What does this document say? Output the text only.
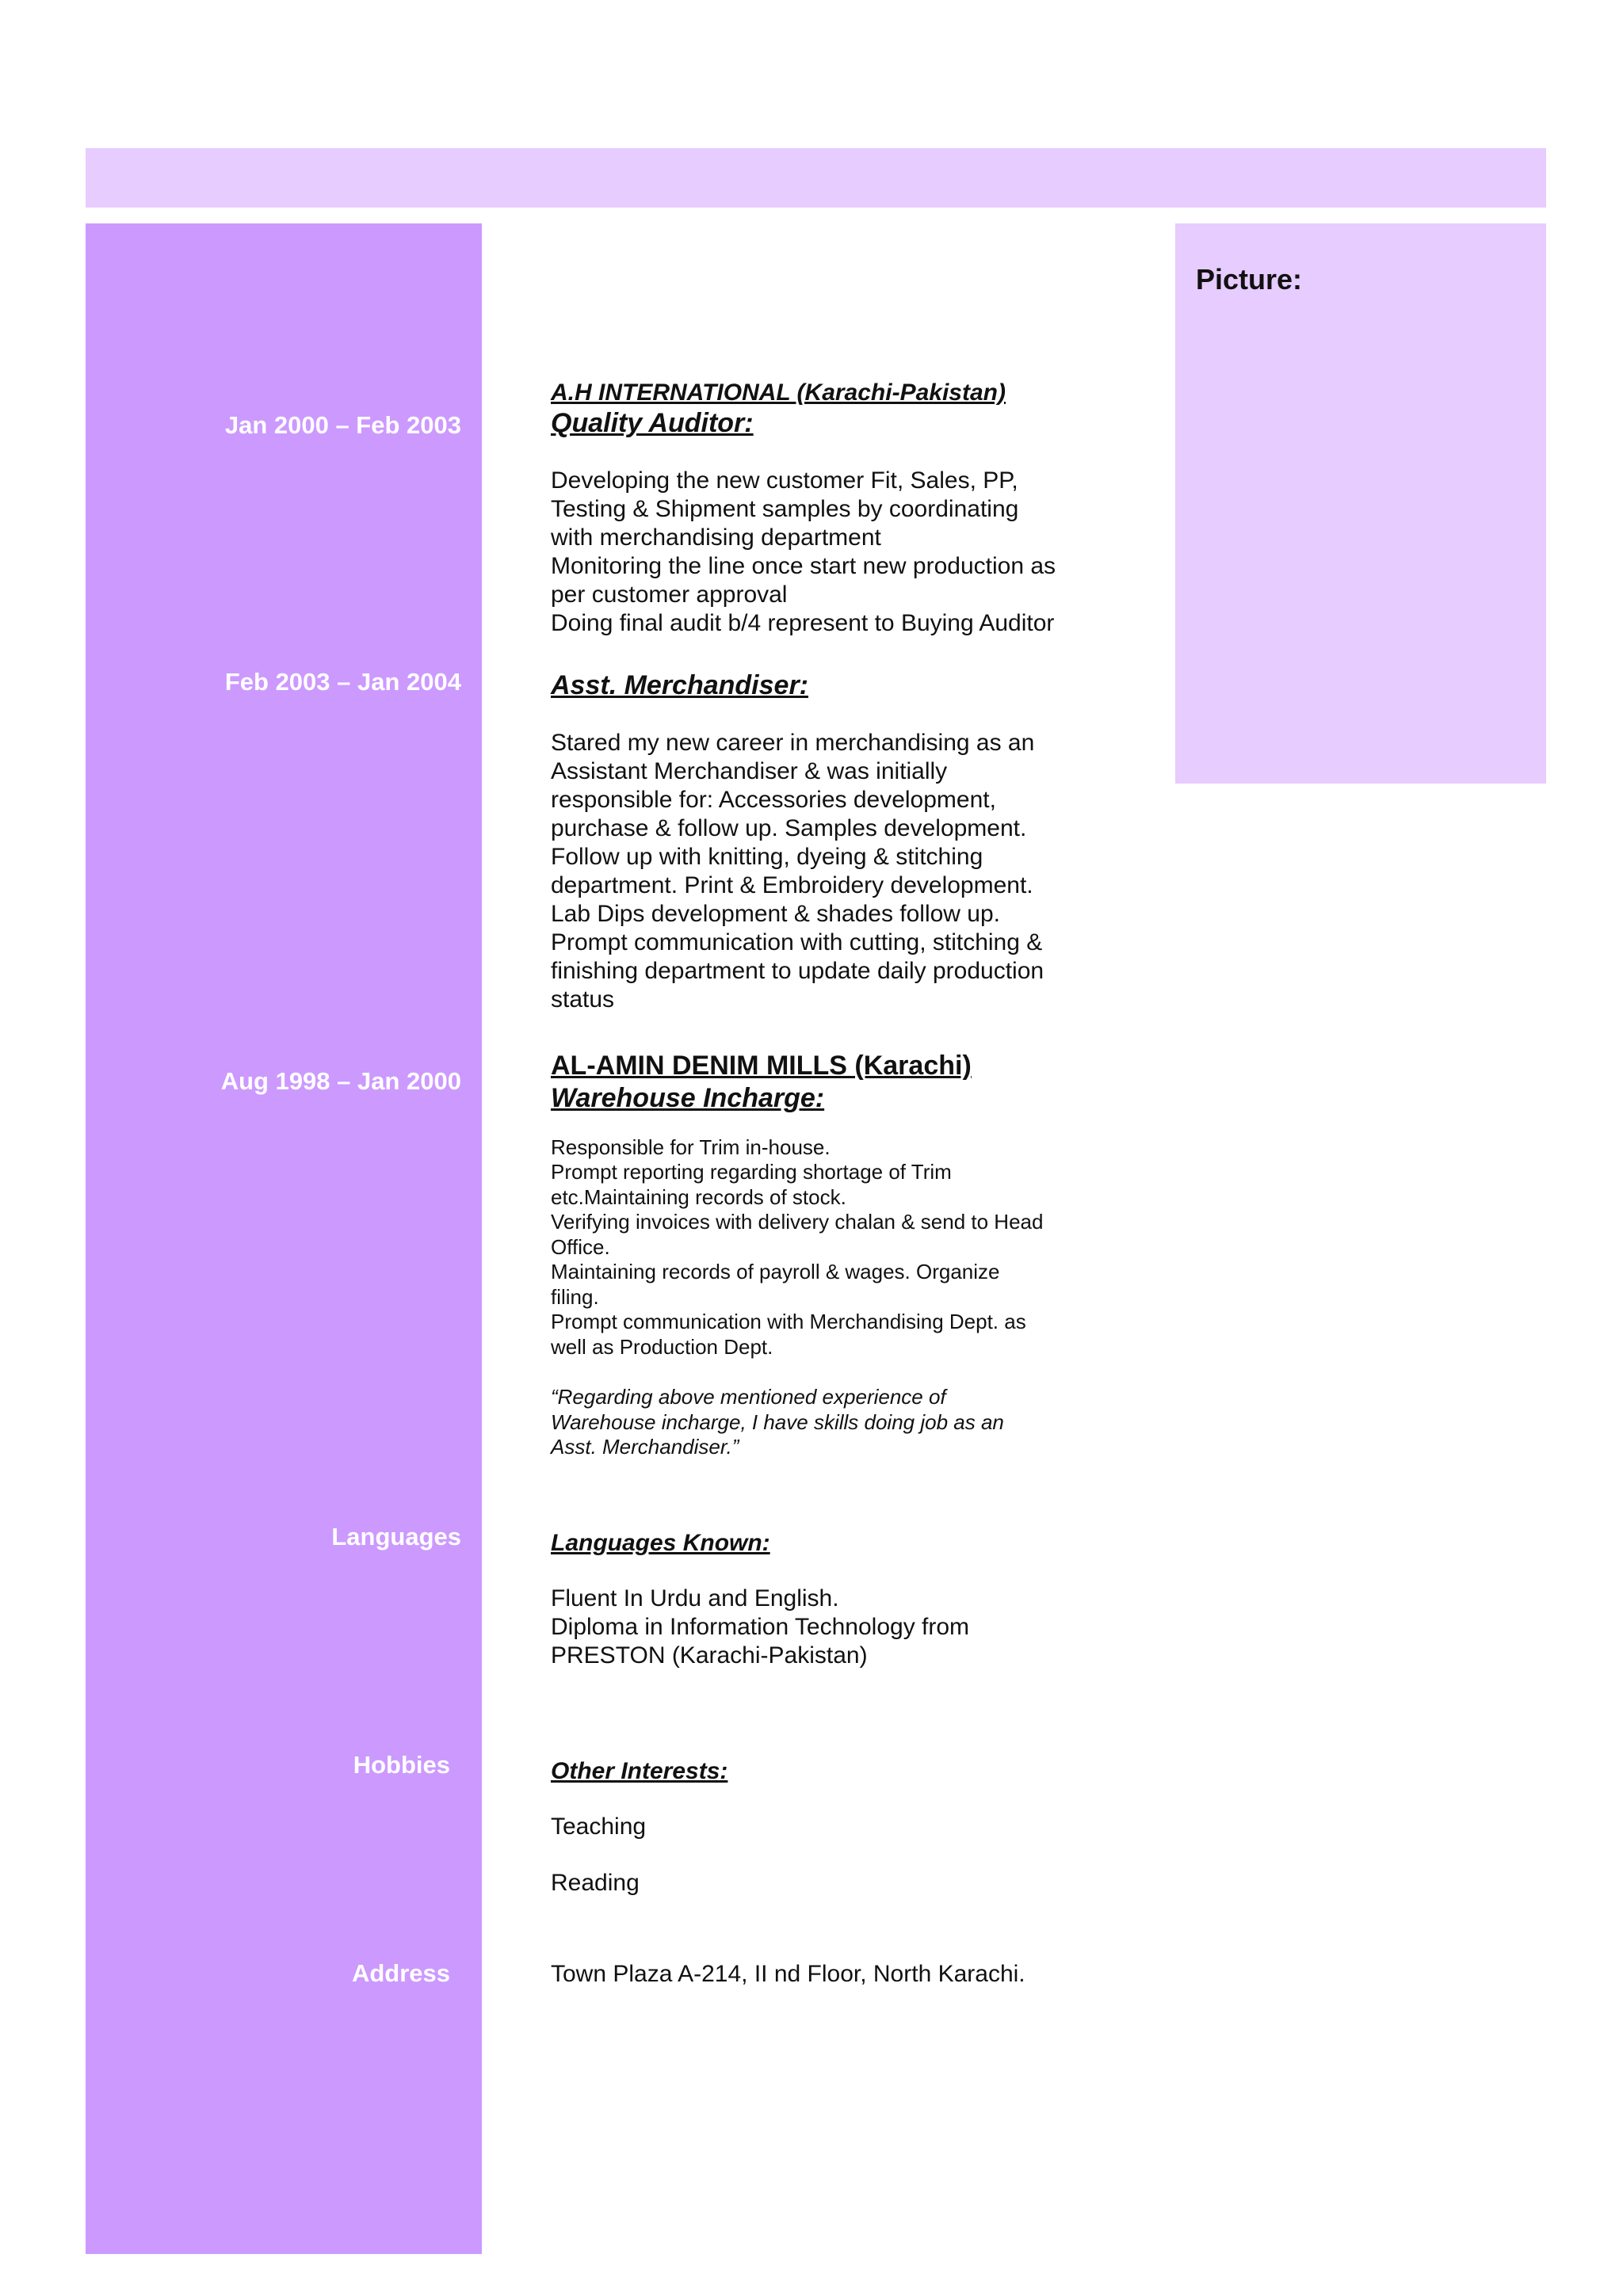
Jan 2000 – Feb 2003
Feb 2003 – Jan 2004
Aug 1998 – Jan 2000
Languages
Hobbies
Address
Picture:
A.H INTERNATIONAL (Karachi-Pakistan)
Quality Auditor:
Developing the new customer Fit, Sales, PP,
Testing & Shipment samples by coordinating
with merchandising department
Monitoring the line once start new production as
per customer approval
Doing final audit b/4 represent to Buying Auditor
Asst. Merchandiser:
Stared my new career in merchandising as an
Assistant Merchandiser & was initially
responsible for: Accessories development,
purchase & follow up. Samples development.
Follow up with knitting, dyeing & stitching
department. Print & Embroidery development.
Lab Dips development & shades follow up.
Prompt communication with cutting, stitching &
finishing department to update daily production
status
AL-AMIN DENIM MILLS (Karachi)
Warehouse Incharge:
Responsible for Trim in-house.
Prompt reporting regarding shortage of Trim
etc.Maintaining records of stock.
Verifying invoices with delivery chalan & send to Head
Office.
Maintaining records of payroll & wages. Organize
filing.
Prompt communication with Merchandising Dept. as
well as Production Dept.
“Regarding above mentioned experience of
Warehouse incharge, I have skills doing job as an
Asst. Merchandiser.”
Languages Known:
Fluent In Urdu and English.
Diploma in Information Technology from
PRESTON (Karachi-Pakistan)
Other Interests:
Teaching
Reading
Town Plaza A-214, II nd Floor, North Karachi.
